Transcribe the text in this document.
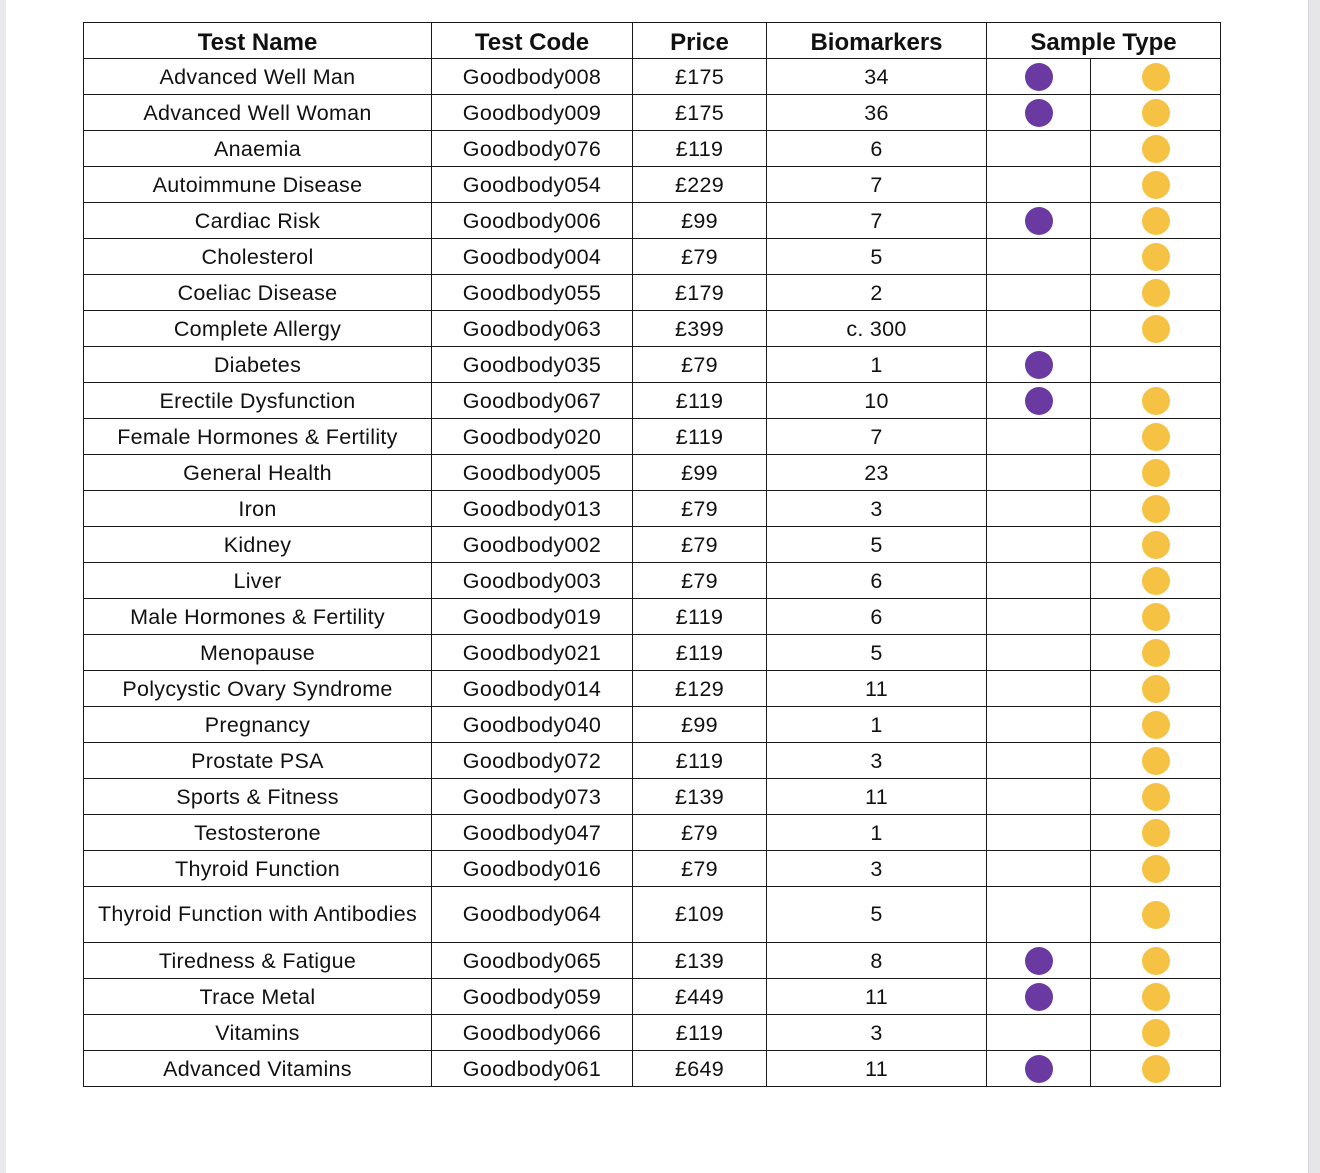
Test Name	Test Code	Price	Biomarkers	Sample Type	
Advanced Well Man	Goodbody008	£175	34		
Advanced Well Woman	Goodbody009	£175	36		
Anaemia	Goodbody076	£119	6		
Autoimmune Disease	Goodbody054	£229	7		
Cardiac Risk	Goodbody006	£99	7		
Cholesterol	Goodbody004	£79	5		
Coeliac Disease	Goodbody055	£179	2		
Complete Allergy	Goodbody063	£399	c. 300		
Diabetes	Goodbody035	£79	1		
Erectile Dysfunction	Goodbody067	£119	10		
Female Hormones & Fertility	Goodbody020	£119	7		
General Health	Goodbody005	£99	23		
Iron	Goodbody013	£79	3		
Kidney	Goodbody002	£79	5		
Liver	Goodbody003	£79	6		
Male Hormones & Fertility	Goodbody019	£119	6		
Menopause	Goodbody021	£119	5		
Polycystic Ovary Syndrome	Goodbody014	£129	11		
Pregnancy	Goodbody040	£99	1		
Prostate PSA	Goodbody072	£119	3		
Sports & Fitness	Goodbody073	£139	11		
Testosterone	Goodbody047	£79	1		
Thyroid Function	Goodbody016	£79	3		
Thyroid Function with Antibodies	Goodbody064	£109	5		
Tiredness & Fatigue	Goodbody065	£139	8		
Trace Metal	Goodbody059	£449	11		
Vitamins	Goodbody066	£119	3		
Advanced Vitamins	Goodbody061	£649	11		
